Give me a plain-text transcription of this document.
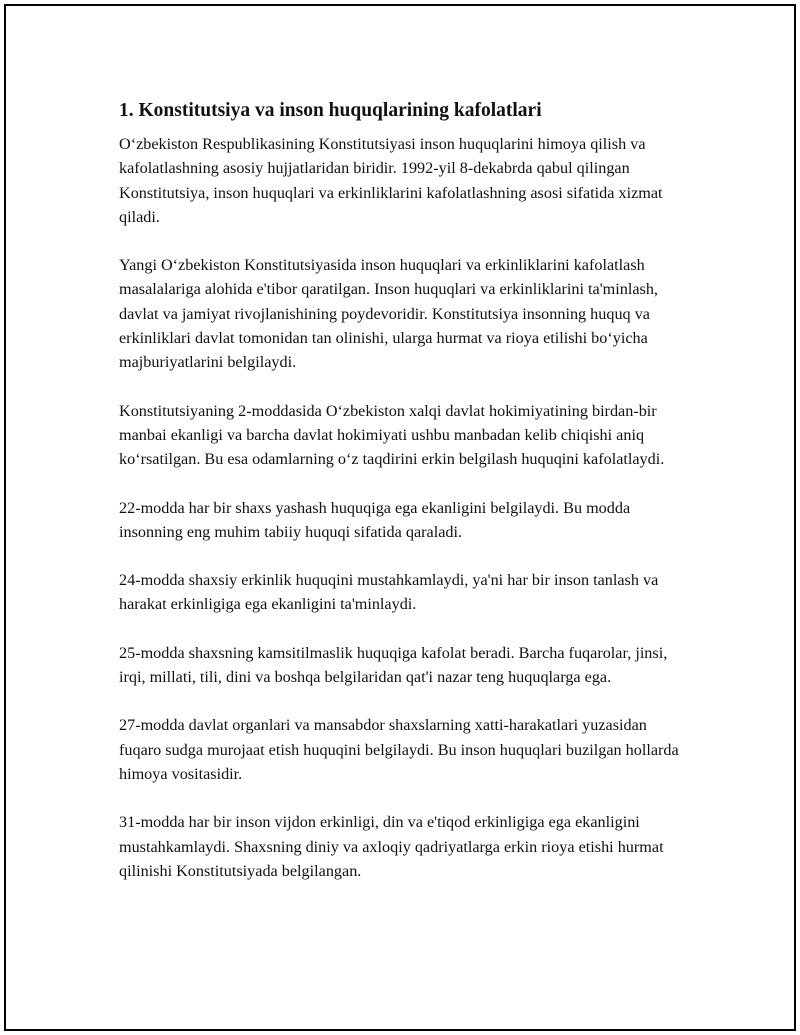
1. Konstitutsiya va inson huquqlarining kafolatlari

O‘zbekiston Respublikasining Konstitutsiyasi inson huquqlarini himoya qilish va kafolatlashning asosiy hujjatlaridan biridir. 1992-yil 8-dekabrda qabul qilingan Konstitutsiya, inson huquqlari va erkinliklarini kafolatlashning asosi sifatida xizmat qiladi.

Yangi O‘zbekiston Konstitutsiyasida inson huquqlari va erkinliklarini kafolatlash masalalariga alohida e'tibor qaratilgan. Inson huquqlari va erkinliklarini ta'minlash, davlat va jamiyat rivojlanishining poydevoridir. Konstitutsiya insonning huquq va erkinliklari davlat tomonidan tan olinishi, ularga hurmat va rioya etilishi bo‘yicha majburiyatlarini belgilaydi.

Konstitutsiyaning 2-moddasida O‘zbekiston xalqi davlat hokimiyatining birdan-bir manbai ekanligi va barcha davlat hokimiyati ushbu manbadan kelib chiqishi aniq ko‘rsatilgan. Bu esa odamlarning o‘z taqdirini erkin belgilash huquqini kafolatlaydi.

22-modda har bir shaxs yashash huquqiga ega ekanligini belgilaydi. Bu modda insonning eng muhim tabiiy huquqi sifatida qaraladi.

24-modda shaxsiy erkinlik huquqini mustahkamlaydi, ya'ni har bir inson tanlash va harakat erkinligiga ega ekanligini ta'minlaydi.

25-modda shaxsning kamsitilmaslik huquqiga kafolat beradi. Barcha fuqarolar, jinsi, irqi, millati, tili, dini va boshqa belgilaridan qat'i nazar teng huquqlarga ega.

27-modda davlat organlari va mansabdor shaxslarning xatti-harakatlari yuzasidan fuqaro sudga murojaat etish huquqini belgilaydi. Bu inson huquqlari buzilgan hollarda himoya vositasidir.

31-modda har bir inson vijdon erkinligi, din va e'tiqod erkinligiga ega ekanligini mustahkamlaydi. Shaxsning diniy va axloqiy qadriyatlarga erkin rioya etishi hurmat qilinishi Konstitutsiyada belgilangan.
